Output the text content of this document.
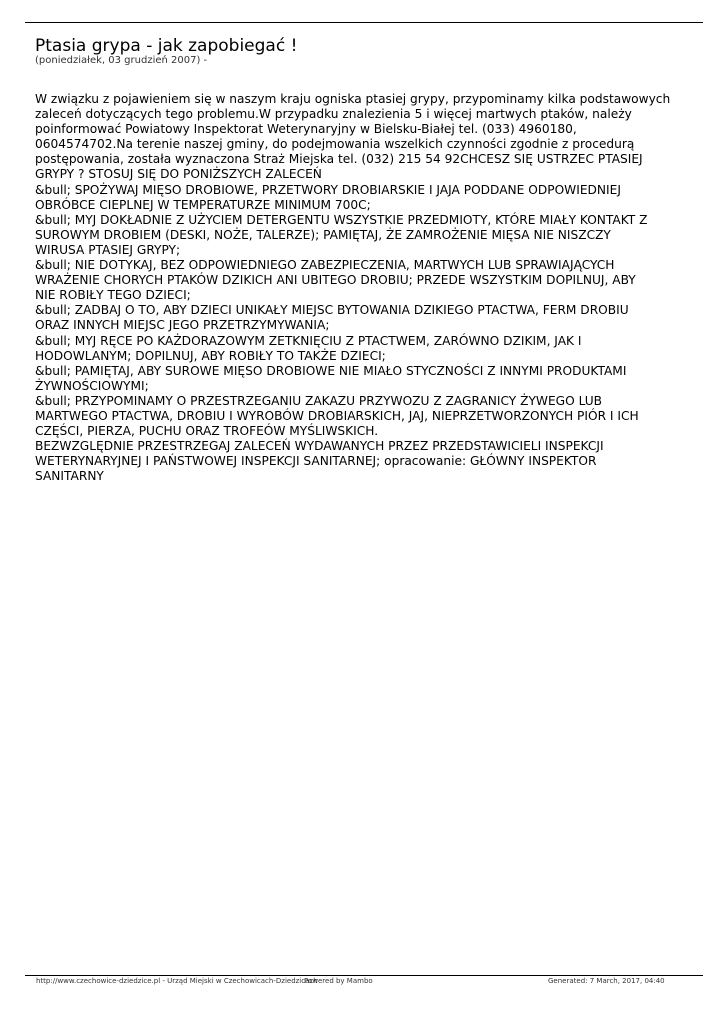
Ptasia grypa - jak zapobiegać !
(poniedziałek, 03 grudzień 2007) -
W związku z pojawieniem się w naszym kraju ogniska ptasiej grypy, przypominamy kilka podstawowych
zaleceń dotyczących tego problemu.W przypadku znalezienia 5 i więcej martwych ptaków, należy
poinformować Powiatowy Inspektorat Weterynaryjny w Bielsku-Białej tel. (033) 4960180,
0604574702.Na terenie naszej gminy, do podejmowania wszelkich czynności zgodnie z procedurą
postępowania, została wyznaczona Straż Miejska tel. (032) 215 54 92CHCESZ SIĘ USTRZEC PTASIEJ
GRYPY ? STOSUJ SIĘ DO PONIŻSZYCH ZALECEŃ
&bull; SPOŻYWAJ MIĘSO DROBIOWE, PRZETWORY DROBIARSKIE I JAJA PODDANE ODPOWIEDNIEJ
OBRÓBCE CIEPLNEJ W TEMPERATURZE MINIMUM 700C;
&bull; MYJ DOKŁADNIE Z UŻYCIEM DETERGENTU WSZYSTKIE PRZEDMIOTY, KTÓRE MIAŁY KONTAKT Z
SUROWYM DROBIEM (DESKI, NOŻE, TALERZE); PAMIĘTAJ, ŻE ZAMROŻENIE MIĘSA NIE NISZCZY
WIRUSA PTASIEJ GRYPY;
&bull; NIE DOTYKAJ, BEZ ODPOWIEDNIEGO ZABEZPIECZENIA, MARTWYCH LUB SPRAWIAJĄCYCH
WRAŻENIE CHORYCH PTAKÓW DZIKICH ANI UBITEGO DROBIU; PRZEDE WSZYSTKIM DOPILNUJ, ABY
NIE ROBIŁY TEGO DZIECI;
&bull; ZADBAJ O TO, ABY DZIECI UNIKAŁY MIEJSC BYTOWANIA DZIKIEGO PTACTWA, FERM DROBIU
ORAZ INNYCH MIEJSC JEGO PRZETRZYMYWANIA;
&bull; MYJ RĘCE PO KAŻDORAZOWYM ZETKNIĘCIU Z PTACTWEM, ZARÓWNO DZIKIM, JAK I
HODOWLANYM; DOPILNUJ, ABY ROBIŁY TO TAKŻE DZIECI;
&bull; PAMIĘTAJ, ABY SUROWE MIĘSO DROBIOWE NIE MIAŁO STYCZNOŚCI Z INNYMI PRODUKTAMI
ŻYWNOŚCIOWYMI;
&bull; PRZYPOMINAMY O PRZESTRZEGANIU ZAKAZU PRZYWOZU Z ZAGRANICY ŻYWEGO LUB
MARTWEGO PTACTWA, DROBIU I WYROBÓW DROBIARSKICH, JAJ, NIEPRZETWORZONYCH PIÓR I ICH
CZĘŚCI, PIERZA, PUCHU ORAZ TROFEÓW MYŚLIWSKICH.
BEZWZGLĘDNIE PRZESTRZEGAJ ZALECEŃ WYDAWANYCH PRZEZ PRZEDSTAWICIELI INSPEKCJI
WETERYNARYJNEJ I PAŃSTWOWEJ INSPEKCJI SANITARNEJ; opracowanie: GŁÓWNY INSPEKTOR
SANITARNY
http://www.czechowice-dziedzice.pl - Urząd Miejski w Czechowicach-Dziedzicach
Powered by Mambo	Generated: 7 March, 2017, 04:40
